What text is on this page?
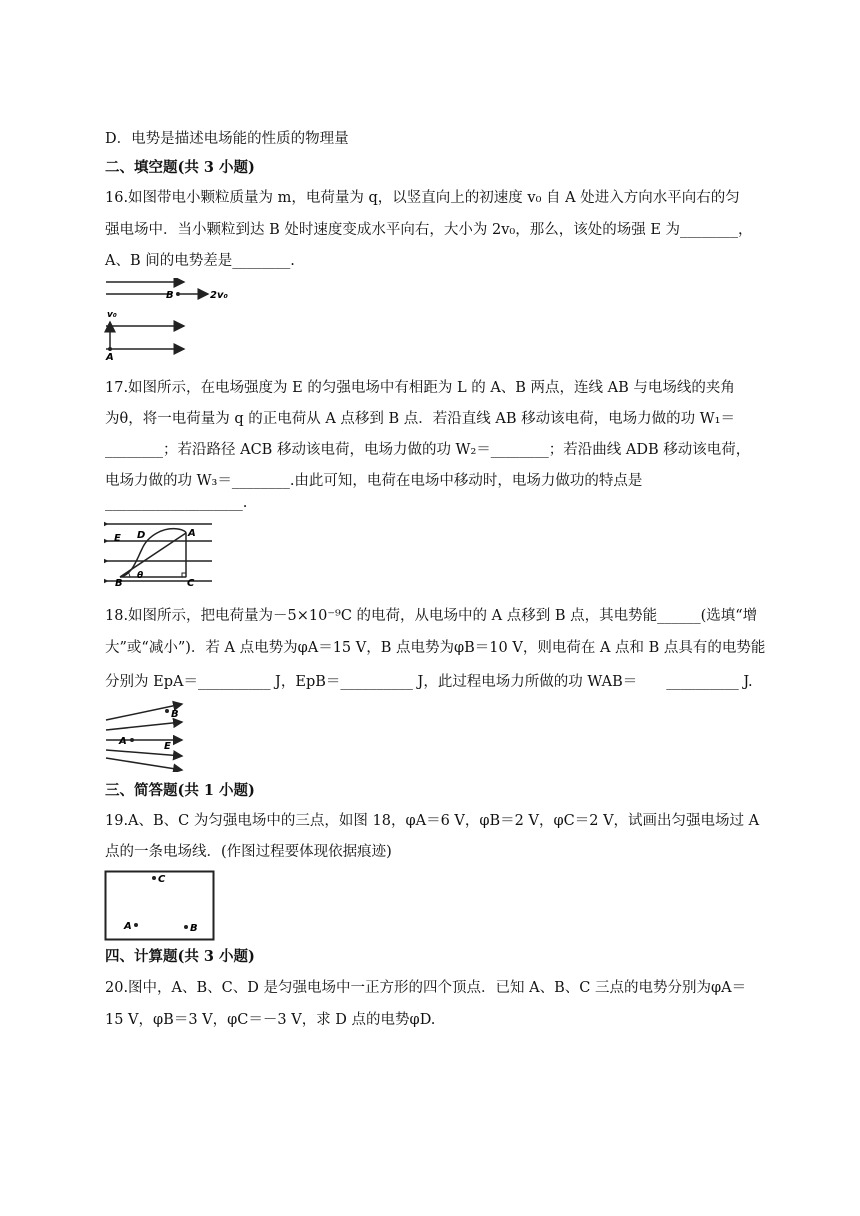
D．电势是描述电场能的性质的物理量
二、填空题(共 3 小题)
16.如图带电小颗粒质量为 m，电荷量为 q，以竖直向上的初速度 v₀ 自 A 处进入方向水平向右的匀
强电场中．当小颗粒到达 B 处时速度变成水平向右，大小为 2v₀，那么，该处的场强 E 为________，
A、B 间的电势差是________.
B	2v₀
v₀
A
17.如图所示，在电场强度为 E 的匀强电场中有相距为 L 的 A、B 两点，连线 AB 与电场线的夹角
为θ，将一电荷量为 q 的正电荷从 A 点移到 B 点．若沿直线 AB 移动该电荷，电场力做的功 W₁＝
________；若沿路径 ACB 移动该电荷，电场力做的功 W₂＝________；若沿曲线 ADB 移动该电荷，
电场力做的功 W₃＝________.由此可知，电荷在电场中移动时，电场力做功的特点是
___________________.
E D	A
B
θ
C
18.如图所示，把电荷量为－5×10⁻⁹C 的电荷，从电场中的 A 点移到 B 点，其电势能______(选填“增
大”或“减小”)．若 A 点电势为φA＝15 V，B 点电势为φB＝10 V，则电荷在 A 点和 B 点具有的电势能
分别为 EpA＝__________ J，EpB＝__________ J，此过程电场力所做的功 WAB＝　　__________ J.
B
A	E
三、简答题(共 1 小题)
19.A、B、C 为匀强电场中的三点，如图 18，φA＝6 V，φB＝2 V，φC＝2 V，试画出匀强电场过 A
点的一条电场线．(作图过程要体现依据痕迹)
C
A	B
四、计算题(共 3 小题)
20.图中，A、B、C、D 是匀强电场中一正方形的四个顶点．已知 A、B、C 三点的电势分别为φA＝
15 V，φB＝3 V，φC＝－3 V，求 D 点的电势φD.
